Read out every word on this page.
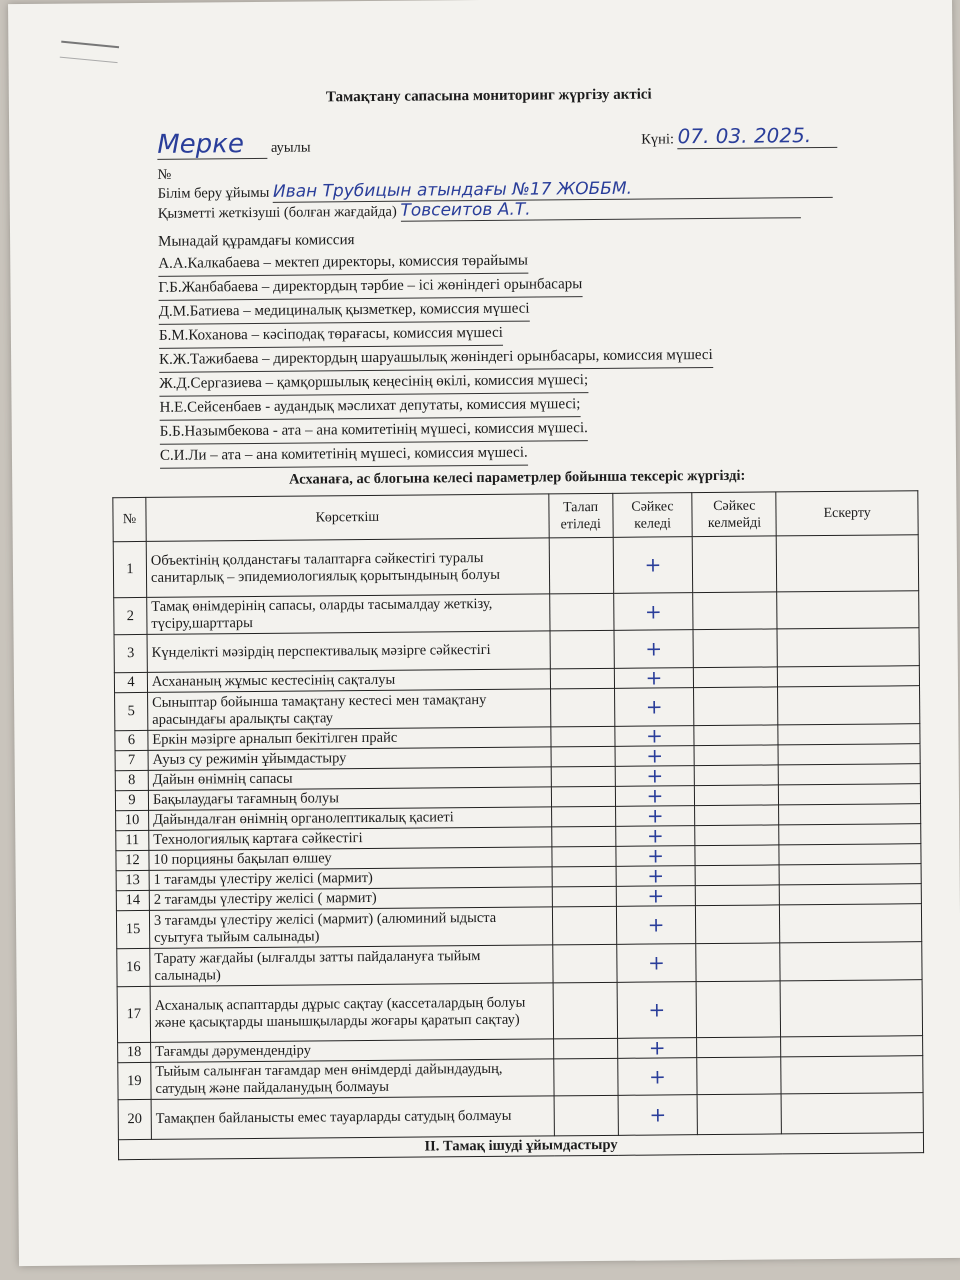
Тамақтану сапасына мониторинг жүргізу актісі
Мерке ауылы
Күні: 07. 03. 2025.
№
Білім беру ұйымы Иван Трубицын атындағы №17 ЖОББМ.
Қызметті жеткізуші (болған жағдайда) Товсеитов А.Т.
Мынадай құрамдағы комиссия
А.А.Калкабаева – мектеп директоры, комиссия төрайымы
Г.Б.Жанбабаева – директордың тәрбие – ісі жөніндегі орынбасары
Д.М.Батиева – медициналық қызметкер, комиссия мүшесі
Б.М.Коханова – кәсіподақ төрағасы, комиссия мүшесі
К.Ж.Тажибаева – директордың шаруашылық жөніндегі орынбасары, комиссия мүшесі
Ж.Д.Сергазиева – қамқоршылық кеңесінің өкілі, комиссия мүшесі;
Н.Е.Сейсенбаев - аудандық мәслихат депутаты, комиссия мүшесі;
Б.Б.Назымбекова - ата – ана комитетінің мүшесі, комиссия мүшесі.
С.И.Ли – ата – ана комитетінің мүшесі, комиссия мүшесі.
Асханаға, ас блогына келесі параметрлер бойынша тексеріс жүргізді:
№	Көрсеткіш	Талап етіледі	Сәйкес келеді	Сәйкес келмейді	Ескерту
1	Объектінің қолданстағы талаптарға сәйкестігі туралы санитарлық – эпидемиологиялық қорытындының болуы		+		
2	Тамақ өнімдерінің сапасы, оларды тасымалдау жеткізу, түсіру,шарттары		+		
3	Күнделікті мәзірдің перспективалық мәзірге сәйкестігі		+		
4	Асхананың жұмыс кестесінің сақталуы		+		
5	Сыныптар бойынша тамақтану кестесі мен тамақтану арасындағы аралықты сақтау		+		
6	Еркін мәзірге арналып бекітілген прайс		+		
7	Ауыз су режимін ұйымдастыру		+		
8	Дайын өнімнің сапасы		+		
9	Бақылаудағы тағамның болуы		+		
10	Дайындалған өнімнің органолептикалық қасиеті		+		
11	Технологиялық картаға сәйкестігі		+		
12	10 порцияны бақылап өлшеу		+		
13	1 тағамды үлестіру желісі (мармит)		+		
14	2 тағамды үлестіру желісі ( мармит)		+		
15	3 тағамды үлестіру желісі (мармит) (алюминий ыдыста суытуға тыйым салынады)		+		
16	Тарату жағдайы (ылғалды затты пайдалануға тыйым салынады)		+		
17	Асханалық аспаптарды дұрыс сақтау (кассеталардың болуы және қасықтарды шанышқыларды жоғары қаратып сақтау)		+		
18	Тағамды дәрумендендіру		+		
19	Тыйым салынған тағамдар мен өнімдерді дайындаудың, сатудың және пайдаланудың болмауы		+		
20	Тамақпен байланысты емес тауарларды сатудың болмауы		+		
II. Тамақ ішуді ұйымдастыру					
